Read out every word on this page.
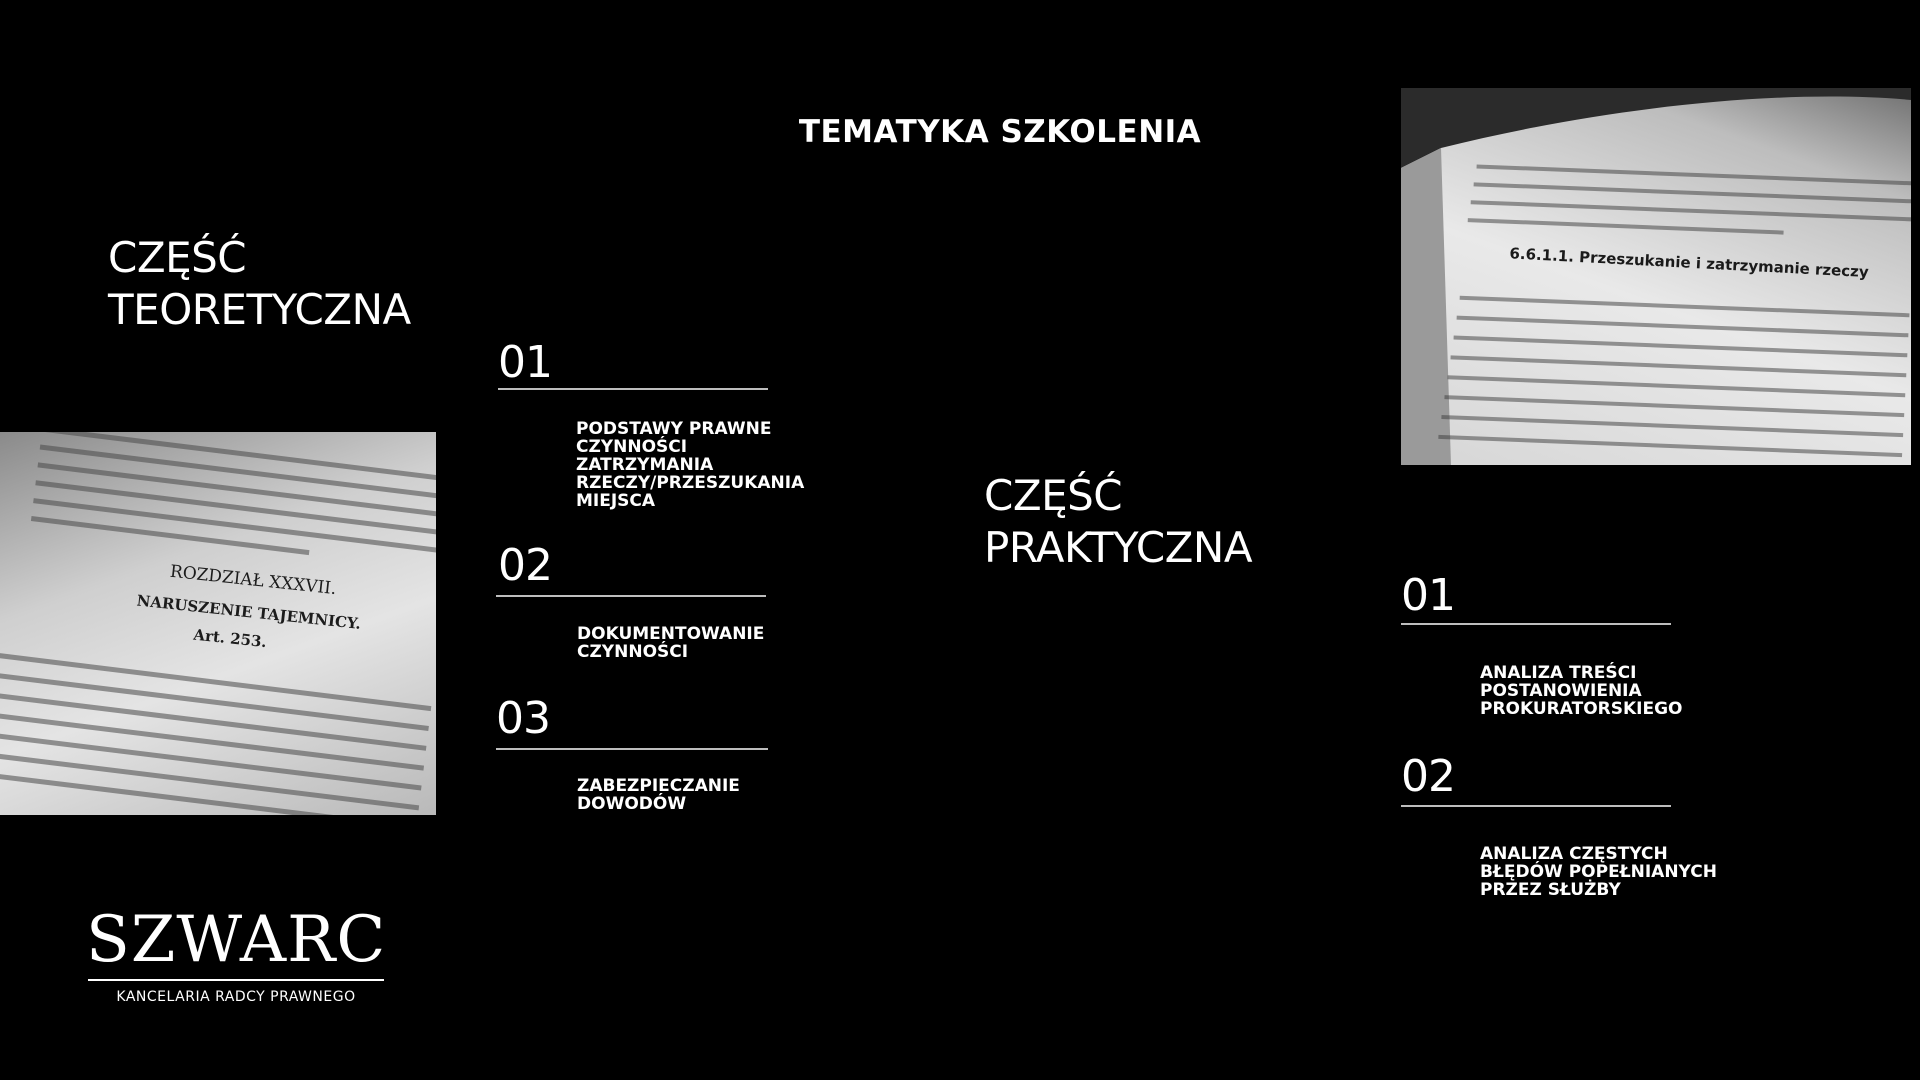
TEMATYKA SZKOLENIA
CZĘŚĆ
TEORETYCZNA
01
PODSTAWY PRAWNE
CZYNNOŚCI
ZATRZYMANIA
RZECZY/PRZESZUKANIA
MIEJSCA
02
DOKUMENTOWANIE
CZYNNOŚCI
03
ZABEZPIECZANIE
DOWODÓW
CZĘŚĆ
PRAKTYCZNA
01
ANALIZA TREŚCI
POSTANOWIENIA
PROKURATORSKIEGO
02
ANALIZA CZĘSTYCH
BŁĘDÓW POPEŁNIANYCH
PRZEZ SŁUŻBY
ROZDZIAŁ XXXVII.
NARUSZENIE TAJEMNICY.
Art. 253.
6.6.1.1. Przeszukanie i zatrzymanie rzeczy
SZWARC
KANCELARIA RADCY PRAWNEGO
